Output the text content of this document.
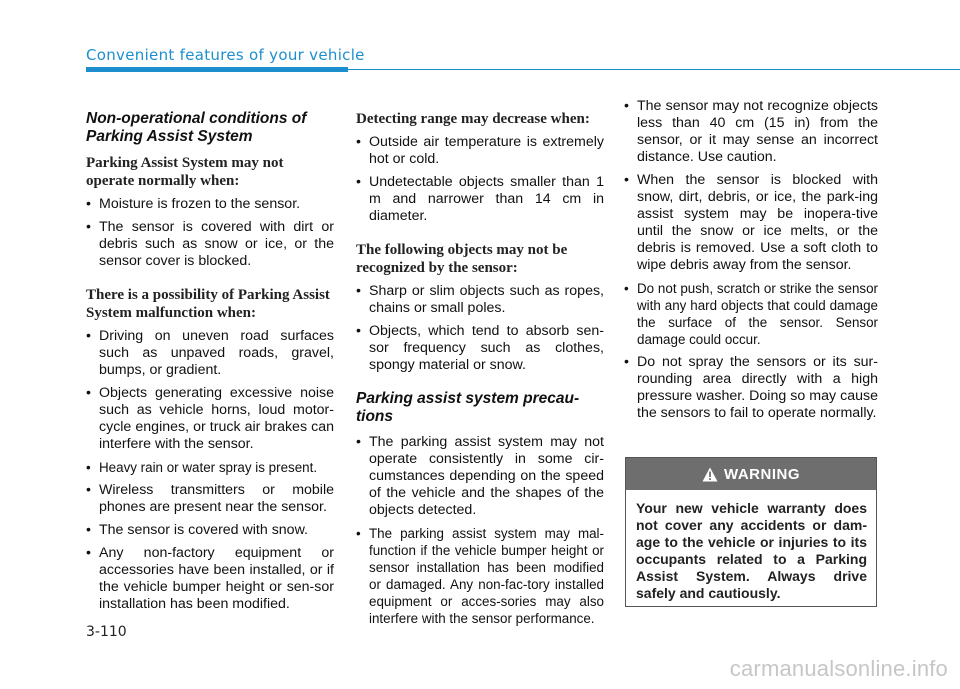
Convenient features of your vehicle
Non-operational conditions of Parking Assist System
Parking Assist System may not operate normally when:
• Moisture is frozen to the sensor.
• The sensor is covered with dirt or debris such as snow or ice, or the sensor cover is blocked.
There is a possibility of Parking Assist System malfunction when:
• Driving on uneven road surfaces such as unpaved roads, gravel, bumps, or gradient.
• Objects generating excessive noise such as vehicle horns, loud motor-cycle engines, or truck air brakes can interfere with the sensor.
• Heavy rain or water spray is present.
• Wireless transmitters or mobile phones are present near the sensor.
• The sensor is covered with snow.
• Any non-factory equipment or accessories have been installed, or if the vehicle bumper height or sen-sor installation has been modified.
Detecting range may decrease when:
• Outside air temperature is extremely hot or cold.
• Undetectable objects smaller than 1 m and narrower than 14 cm in diameter.
The following objects may not be recognized by the sensor:
• Sharp or slim objects such as ropes, chains or small poles.
• Objects, which tend to absorb sen-sor frequency such as clothes, spongy material or snow.
Parking assist system precau-tions
• The parking assist system may not operate consistently in some cir-cumstances depending on the speed of the vehicle and the shapes of the objects detected.
• The parking assist system may mal-function if the vehicle bumper height or sensor installation has been modified or damaged. Any non-fac-tory installed equipment or acces-sories may also interfere with the sensor performance.
• The sensor may not recognize objects less than 40 cm (15 in) from the sensor, or it may sense an incorrect distance. Use caution.
• When the sensor is blocked with snow, dirt, debris, or ice, the park-ing assist system may be inopera-tive until the snow or ice melts, or the debris is removed. Use a soft cloth to wipe debris away from the sensor.
• Do not push, scratch or strike the sensor with any hard objects that could damage the surface of the sensor. Sensor damage could occur.
• Do not spray the sensors or its sur-rounding area directly with a high pressure washer. Doing so may cause the sensors to fail to operate normally.
WARNING
Your new vehicle warranty does not cover any accidents or dam-age to the vehicle or injuries to its occupants related to a Parking Assist System. Always drive safely and cautiously.
3-110
carmanualsonline.info
